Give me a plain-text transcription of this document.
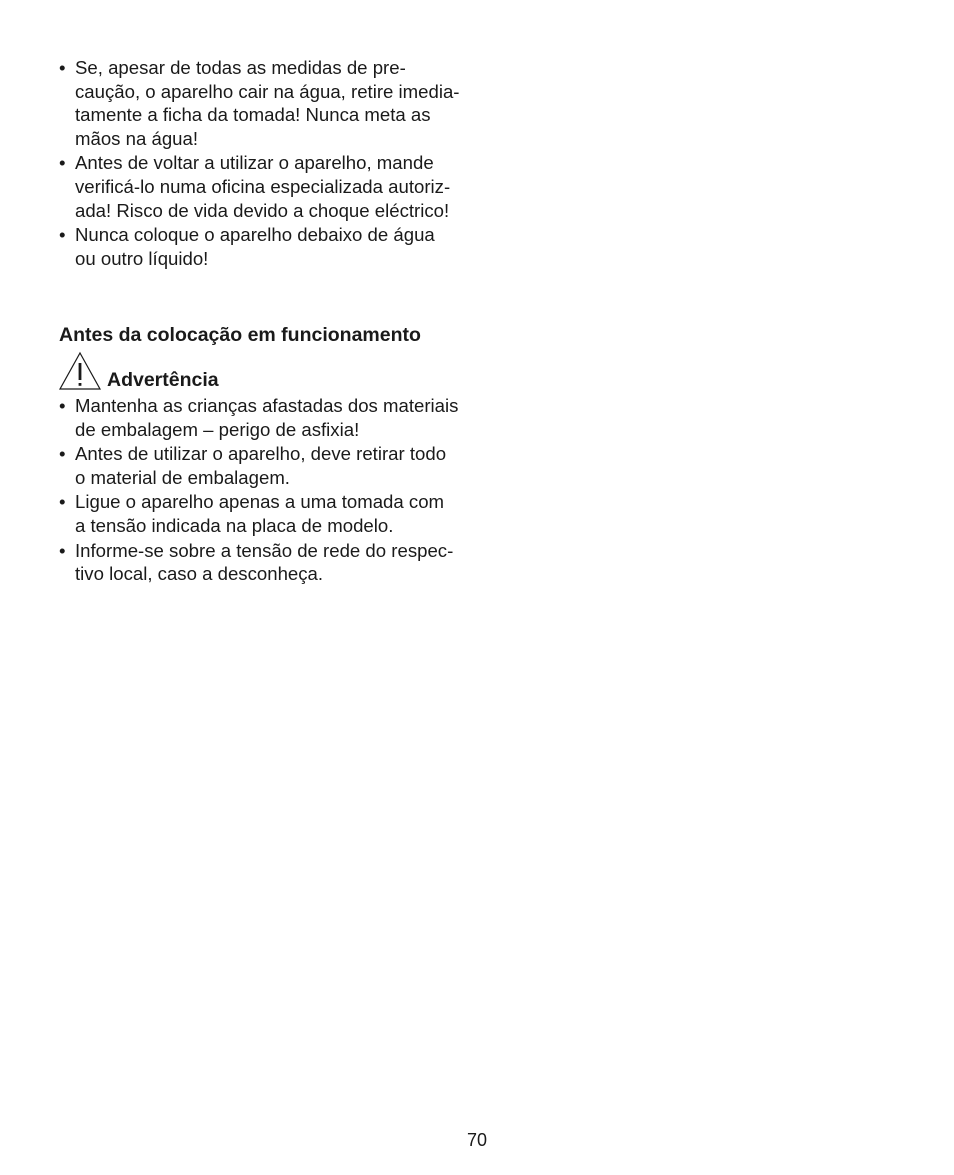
• Se, apesar de todas as medidas de pre-
caução, o aparelho cair na água, retire imedia-
tamente a ficha da tomada! Nunca meta as
mãos na água!
• Antes de voltar a utilizar o aparelho, mande
verificá-lo numa oficina especializada autoriz-
ada! Risco de vida devido a choque eléctrico!
• Nunca coloque o aparelho debaixo de água
ou outro líquido!
Antes da colocação em funcionamento
Advertência
• Mantenha as crianças afastadas dos materiais
de embalagem – perigo de asfixia!
• Antes de utilizar o aparelho, deve retirar todo
o material de embalagem.
• Ligue o aparelho apenas a uma tomada com
a tensão indicada na placa de modelo.
• Informe-se sobre a tensão de rede do respec-
tivo local, caso a desconheça.
70
